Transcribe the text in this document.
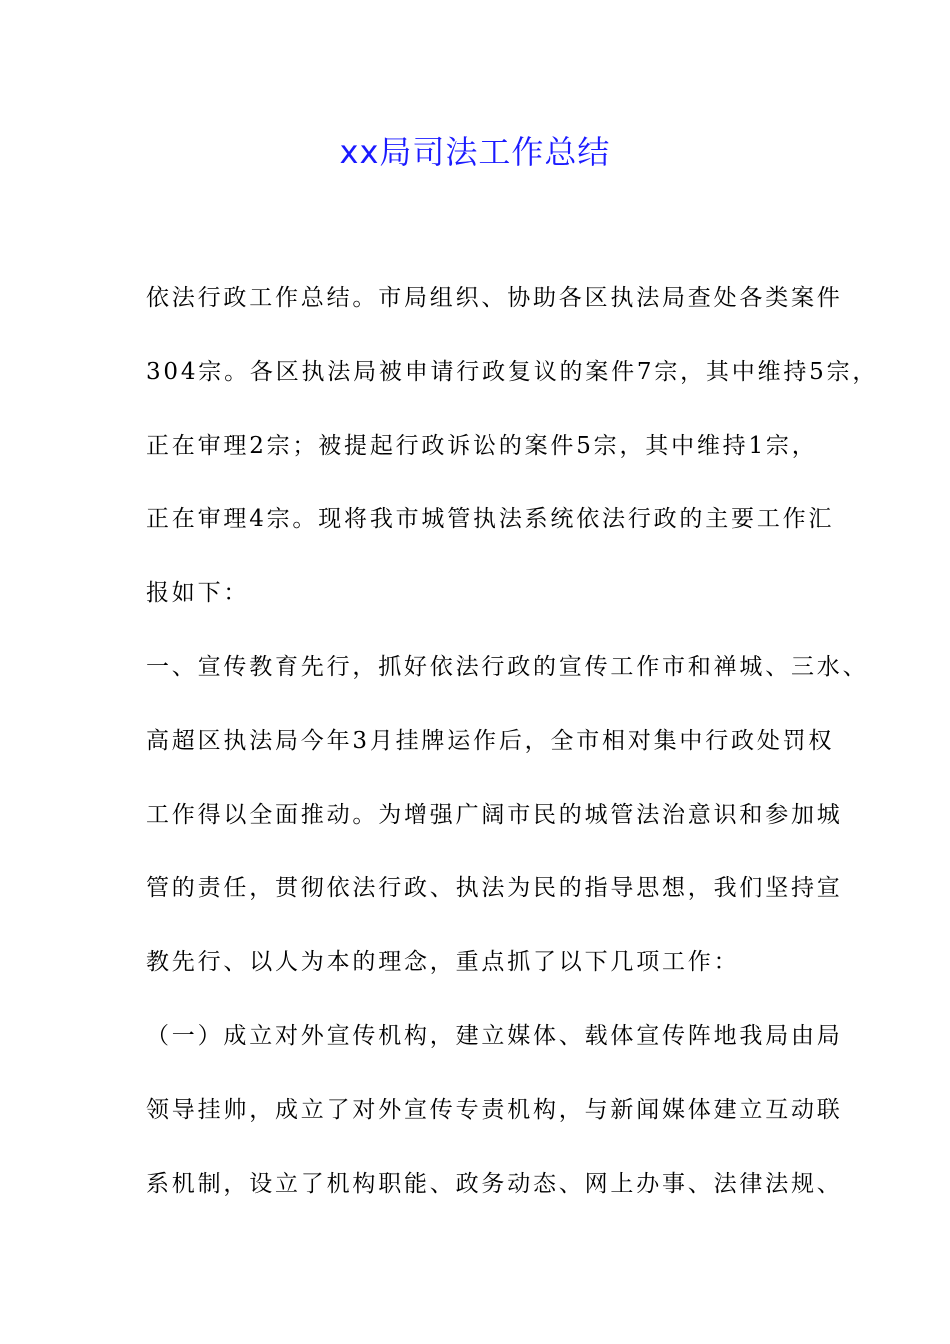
xx局司法工作总结
依法行政工作总结。市局组织、协助各区执法局查处各类案件
304宗。各区执法局被申请行政复议的案件7宗，其中维持5宗，
正在审理2宗；被提起行政诉讼的案件5宗，其中维持1宗，
正在审理4宗。现将我市城管执法系统依法行政的主要工作汇
报如下：
一、宣传教育先行，抓好依法行政的宣传工作市和禅城、三水、
高超区执法局今年3月挂牌运作后，全市相对集中行政处罚权
工作得以全面推动。为增强广阔市民的城管法治意识和参加城
管的责任，贯彻依法行政、执法为民的指导思想，我们坚持宣
教先行、以人为本的理念，重点抓了以下几项工作：
（一）成立对外宣传机构，建立媒体、载体宣传阵地我局由局
领导挂帅，成立了对外宣传专责机构，与新闻媒体建立互动联
系机制，设立了机构职能、政务动态、网上办事、法律法规、
